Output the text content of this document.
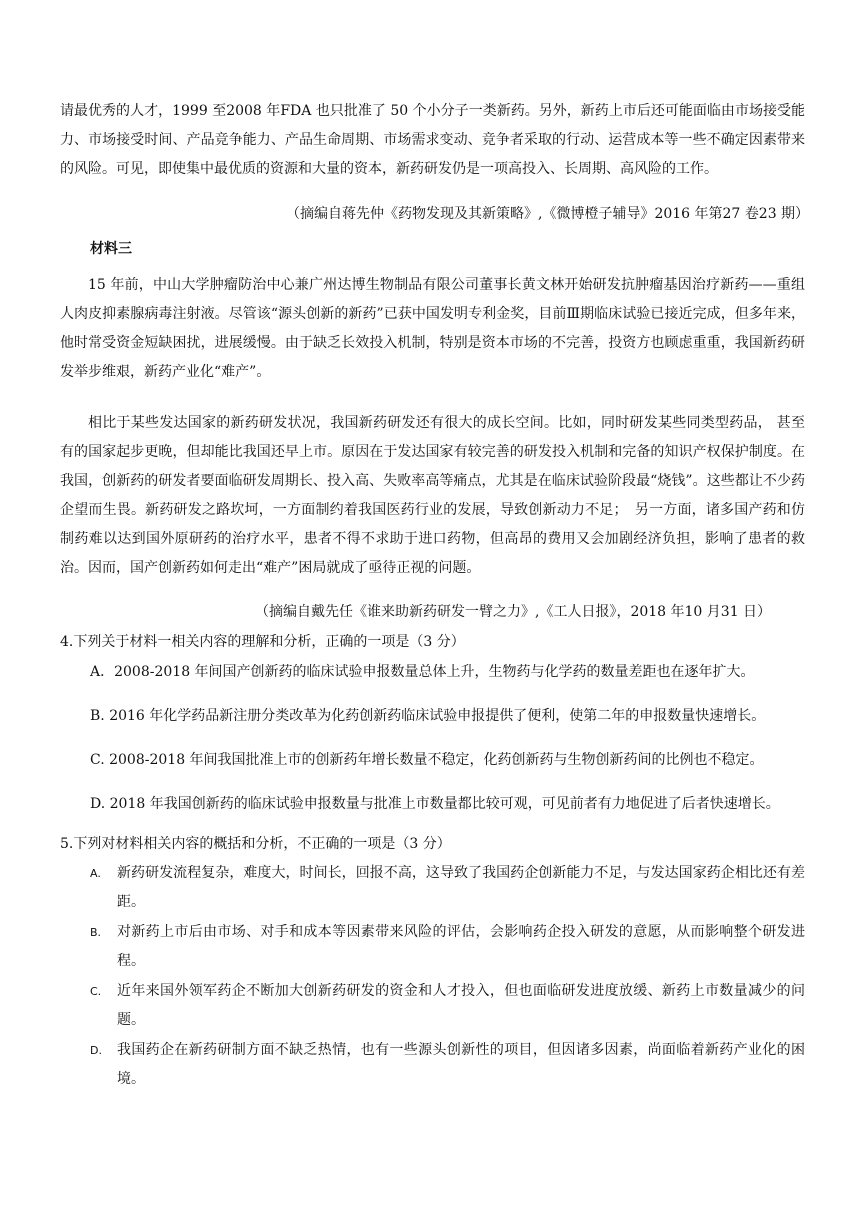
请最优秀的人才，1999 至2008 年FDA 也只批准了 50 个小分子一类新药。另外，新药上市后还可能面临由市场接受能力、市场接受时间、产品竞争能力、产品生命周期、市场需求变动、竞争者采取的行动、运营成本等一些不确定因素带来的风险。可见，即使集中最优质的资源和大量的资本，新药研发仍是一项高投入、长周期、高风险的工作。

（摘编自蒋先仲《药物发现及其新策略》,《微博橙子辅导》2016 年第27 卷23 期）

材料三

15 年前，中山大学肿瘤防治中心兼广州达博生物制品有限公司董事长黄文林开始研发抗肿瘤基因治疗新药——重组人肉皮抑素腺病毒注射液。尽管该“源头创新的新药”已获中国发明专利金奖，目前Ⅲ期临床试验已接近完成，但多年来，他时常受资金短缺困扰，进展缓慢。由于缺乏长效投入机制，特别是资本市场的不完善，投资方也顾虑重重，我国新药研发举步维艰，新药产业化“难产”。

相比于某些发达国家的新药研发状况，我国新药研发还有很大的成长空间。比如，同时研发某些同类型药品， 甚至有的国家起步更晚，但却能比我国还早上市。原因在于发达国家有较完善的研发投入机制和完备的知识产权保护制度。在我国，创新药的研发者要面临研发周期长、投入高、失败率高等痛点，尤其是在临床试验阶段最“烧钱”。这些都让不少药企望而生畏。新药研发之路坎坷，一方面制约着我国医药行业的发展，导致创新动力不足；　另一方面，诸多国产药和仿制药难以达到国外原研药的治疗水平，患者不得不求助于进口药物，但高昂的费用又会加剧经济负担，影响了患者的救治。因而，国产创新药如何走出“难产”困局就成了亟待正视的问题。

（摘编自戴先任《谁来助新药研发一臂之力》,《工人日报》，2018 年10 月31 日）

4.下列关于材料一相关内容的理解和分析，正确的一项是（3 分）

A．2008-2018 年间国产创新药的临床试验申报数量总体上升，生物药与化学药的数量差距也在逐年扩大。

B. 2016 年化学药品新注册分类改革为化药创新药临床试验申报提供了便利，使第二年的申报数量快速增长。

C. 2008-2018 年间我国批准上市的创新药年增长数量不稳定，化药创新药与生物创新药间的比例也不稳定。

D. 2018 年我国创新药的临床试验申报数量与批准上市数量都比较可观，可见前者有力地促进了后者快速增长。

5.下列对材料相关内容的概括和分析，不正确的一项是（3 分）

A. 新药研发流程复杂，难度大，时间长，回报不高，这导致了我国药企创新能力不足，与发达国家药企相比还有差距。
B. 对新药上市后由市场、对手和成本等因素带来风险的评估，会影响药企投入研发的意愿，从而影响整个研发进程。
C. 近年来国外领军药企不断加大创新药研发的资金和人才投入，但也面临研发进度放缓、新药上市数量减少的问题。
D. 我国药企在新药研制方面不缺乏热情，也有一些源头创新性的项目，但因诸多因素，尚面临着新药产业化的困境。
